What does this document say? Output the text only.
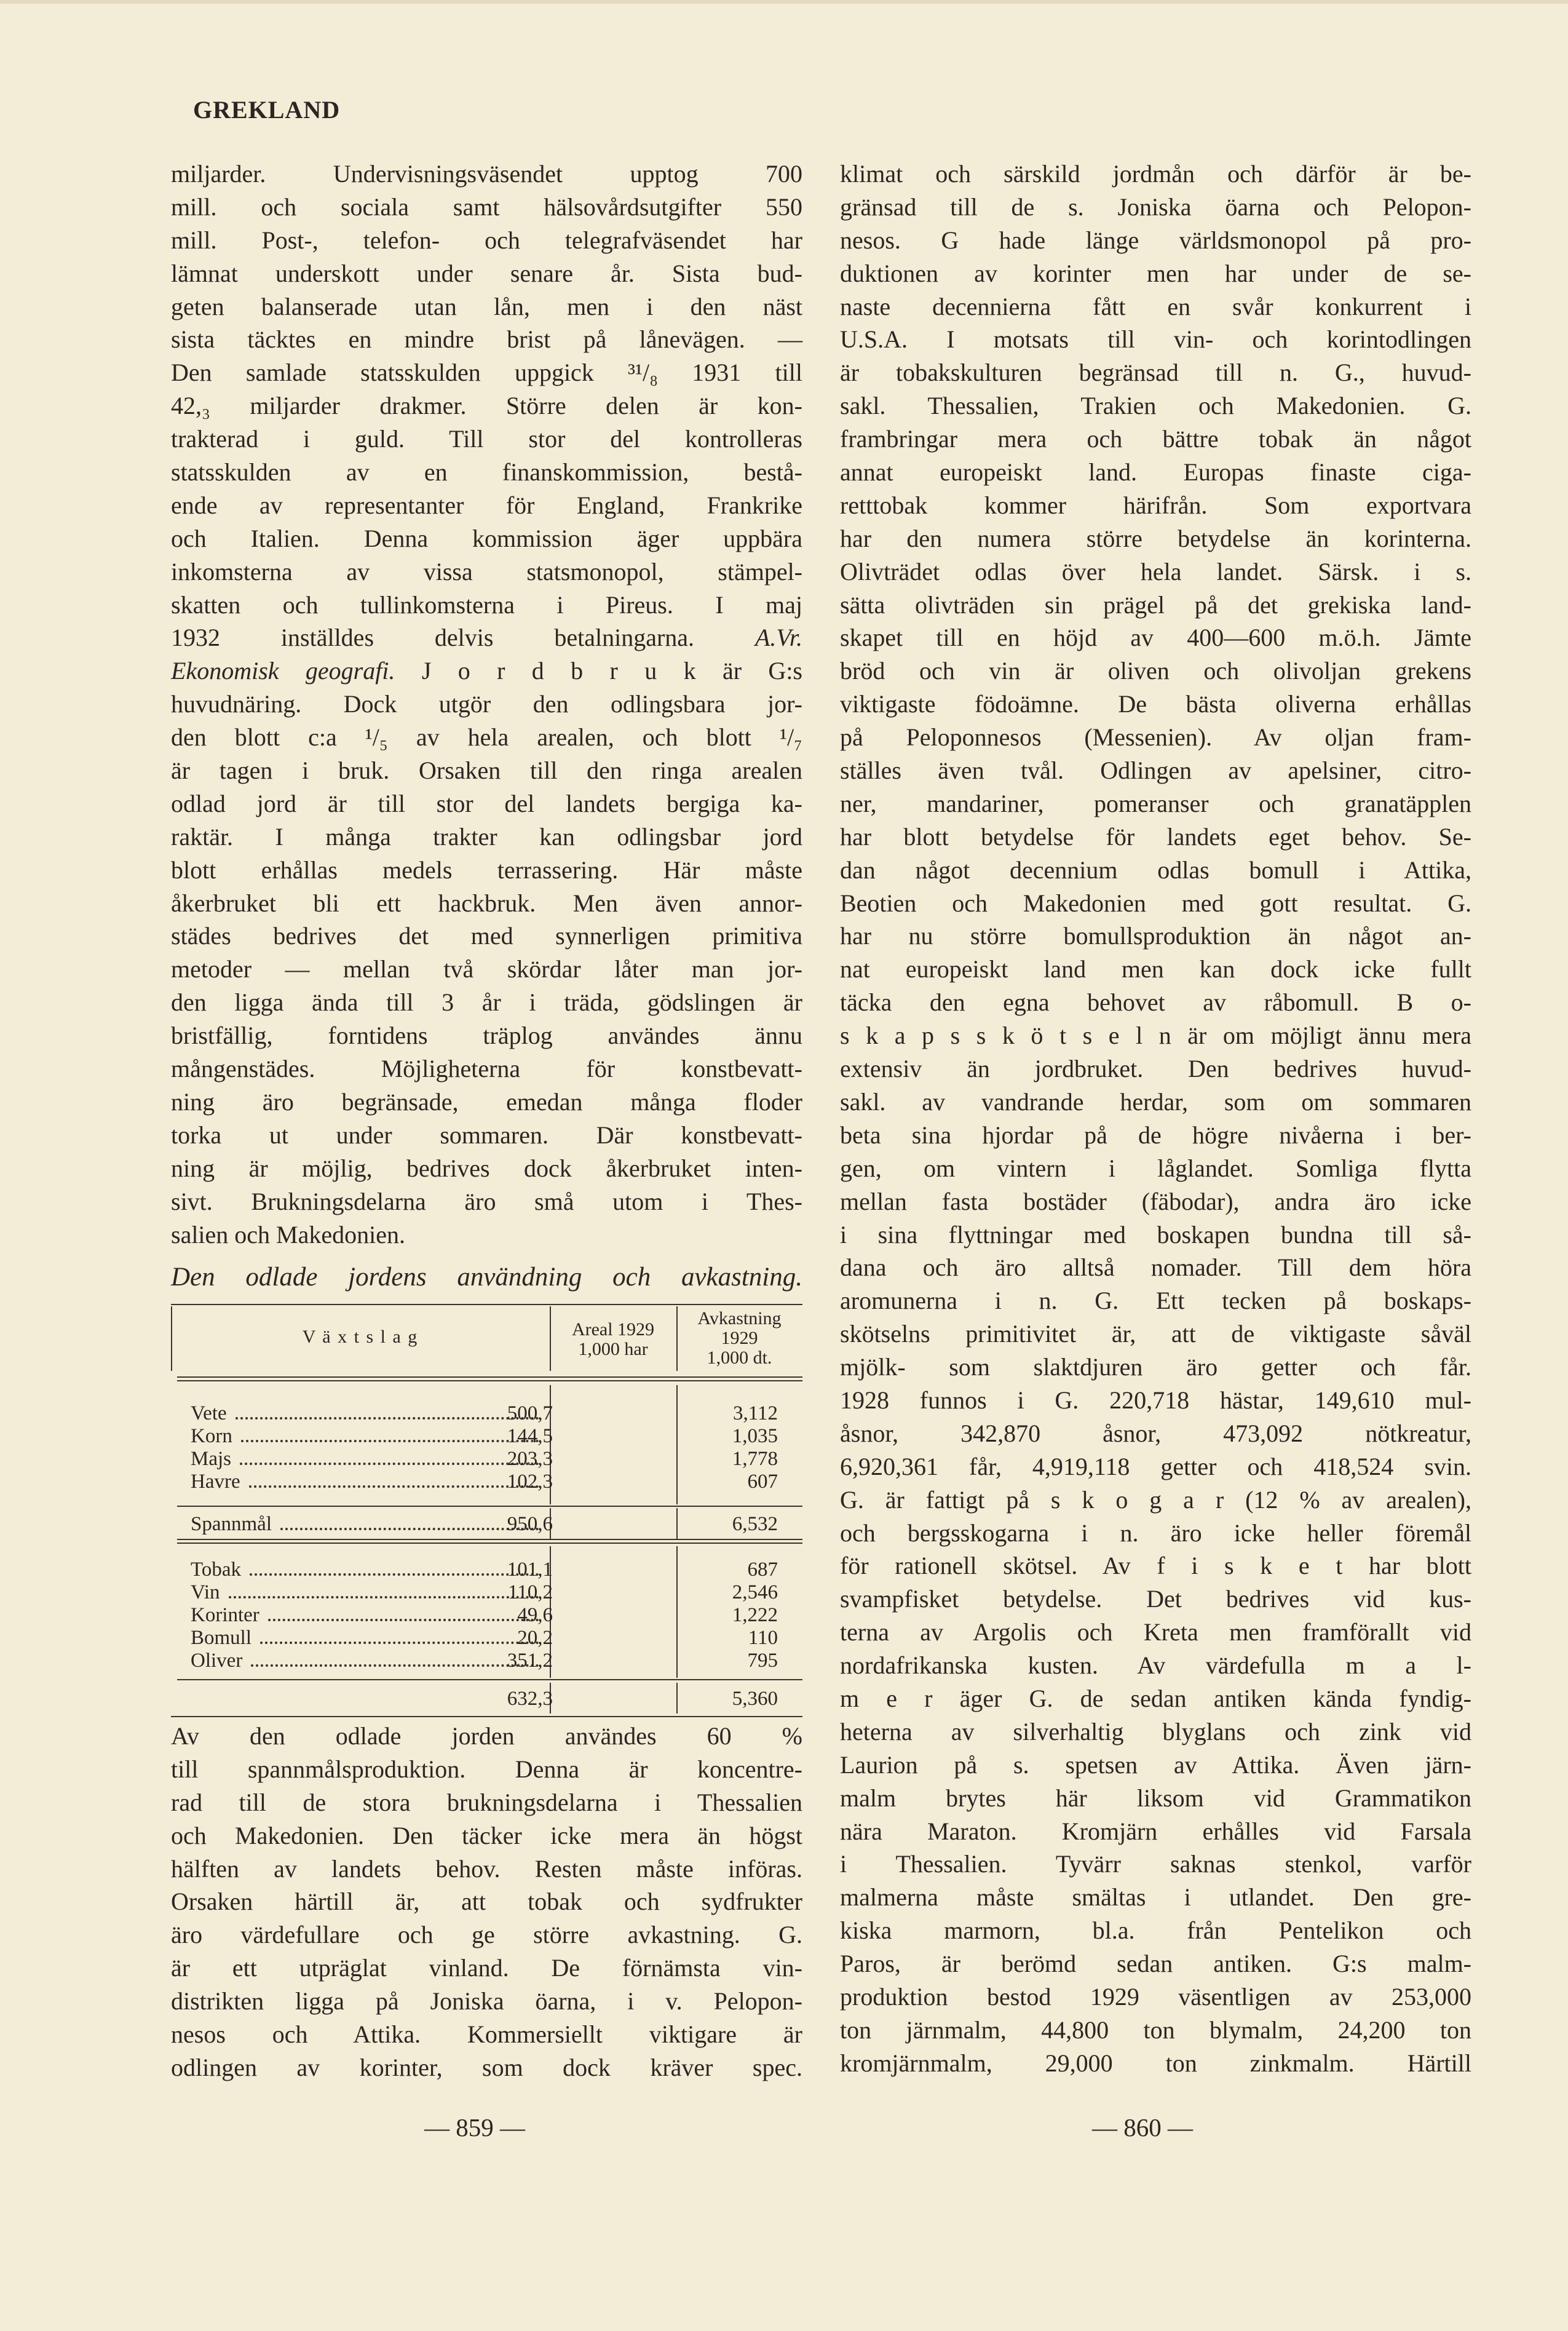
GREKLAND
miljarder. Undervisningsväsendet upptog 700
mill. och sociala samt hälsovårdsutgifter 550
mill. Post-, telefon- och telegrafväsendet har
lämnat underskott under senare år. Sista bud-
geten balanserade utan lån, men i den näst
sista täcktes en mindre brist på lånevägen. —
Den samlade statsskulden uppgick ³¹/₈ 1931 till
42,₃ miljarder drakmer. Större delen är kon-
trakterad i guld. Till stor del kontrolleras
statsskulden av en finanskommission, bestå-
ende av representanter för England, Frankrike
och Italien. Denna kommission äger uppbära
inkomsterna av vissa statsmonopol, stämpel-
skatten och tullinkomsterna i Pireus. I maj
1932 inställdes delvis betalningarna. A.Vr.
Ekonomisk geografi. J o r d b r u k är G:s
huvudnäring. Dock utgör den odlingsbara jor-
den blott c:a ¹/₅ av hela arealen, och blott ¹/₇
är tagen i bruk. Orsaken till den ringa arealen
odlad jord är till stor del landets bergiga ka-
raktär. I många trakter kan odlingsbar jord
blott erhållas medels terrassering. Här måste
åkerbruket bli ett hackbruk. Men även annor-
städes bedrives det med synnerligen primitiva
metoder — mellan två skördar låter man jor-
den ligga ända till 3 år i träda, gödslingen är
bristfällig, forntidens träplog användes ännu
mångenstädes. Möjligheterna för konstbevatt-
ning äro begränsade, emedan många floder
torka ut under sommaren. Där konstbevatt-
ning är möjlig, bedrives dock åkerbruket inten-
sivt. Brukningsdelarna äro små utom i Thes-
salien och Makedonien.
Den odlade jordens användning och avkastning.
V ä x t s l a g	Areal 1929
1,000 har
Avkastning
1929
1,000 dt.
Vete	500,7	3,112
Korn	144,5	1,035
Majs	203,3	1,778
Havre	102,3	607
Spannmål	950,6	6,532
Tobak	101,1	687
Vin	110,2	2,546
Korinter	49,6	1,222
Bomull	20,2	110
Oliver	351,2	795
632,3	5,360
Av den odlade jorden användes 60 %
till spannmålsproduktion. Denna är koncentre-
rad till de stora brukningsdelarna i Thessalien
och Makedonien. Den täcker icke mera än högst
hälften av landets behov. Resten måste införas.
Orsaken härtill är, att tobak och sydfrukter
äro värdefullare och ge större avkastning. G.
är ett utpräglat vinland. De förnämsta vin-
distrikten ligga på Joniska öarna, i v. Pelopon-
nesos och Attika. Kommersiellt viktigare är
odlingen av korinter, som dock kräver spec.
klimat och särskild jordmån och därför är be-
gränsad till de s. Joniska öarna och Pelopon-
nesos. G hade länge världsmonopol på pro-
duktionen av korinter men har under de se-
naste decennierna fått en svår konkurrent i
U.S.A. I motsats till vin- och korintodlingen
är tobakskulturen begränsad till n. G., huvud-
sakl. Thessalien, Trakien och Makedonien. G.
frambringar mera och bättre tobak än något
annat europeiskt land. Europas finaste ciga-
retttobak kommer härifrån. Som exportvara
har den numera större betydelse än korinterna.
Olivträdet odlas över hela landet. Särsk. i s.
sätta olivträden sin prägel på det grekiska land-
skapet till en höjd av 400—600 m.ö.h. Jämte
bröd och vin är oliven och olivoljan grekens
viktigaste födoämne. De bästa oliverna erhållas
på Peloponnesos (Messenien). Av oljan fram-
ställes även tvål. Odlingen av apelsiner, citro-
ner, mandariner, pomeranser och granatäpplen
har blott betydelse för landets eget behov. Se-
dan något decennium odlas bomull i Attika,
Beotien och Makedonien med gott resultat. G.
har nu större bomullsproduktion än något an-
nat europeiskt land men kan dock icke fullt
täcka den egna behovet av råbomull. B o-
s k a p s s k ö t s e l n är om möjligt ännu mera
extensiv än jordbruket. Den bedrives huvud-
sakl. av vandrande herdar, som om sommaren
beta sina hjordar på de högre nivåerna i ber-
gen, om vintern i låglandet. Somliga flytta
mellan fasta bostäder (fäbodar), andra äro icke
i sina flyttningar med boskapen bundna till så-
dana och äro alltså nomader. Till dem höra
aromunerna i n. G. Ett tecken på boskaps-
skötselns primitivitet är, att de viktigaste såväl
mjölk- som slaktdjuren äro getter och får.
1928 funnos i G. 220,718 hästar, 149,610 mul-
åsnor, 342,870 åsnor, 473,092 nötkreatur,
6,920,361 får, 4,919,118 getter och 418,524 svin.
G. är fattigt på s k o g a r (12 % av arealen),
och bergsskogarna i n. äro icke heller föremål
för rationell skötsel. Av f i s k e t har blott
svampfisket betydelse. Det bedrives vid kus-
terna av Argolis och Kreta men framförallt vid
nordafrikanska kusten. Av värdefulla m a l-
m e r äger G. de sedan antiken kända fyndig-
heterna av silverhaltig blyglans och zink vid
Laurion på s. spetsen av Attika. Även järn-
malm brytes här liksom vid Grammatikon
nära Maraton. Kromjärn erhålles vid Farsala
i Thessalien. Tyvärr saknas stenkol, varför
malmerna måste smältas i utlandet. Den gre-
kiska marmorn, bl.a. från Pentelikon och
Paros, är berömd sedan antiken. G:s malm-
produktion bestod 1929 väsentligen av 253,000
ton järnmalm, 44,800 ton blymalm, 24,200 ton
kromjärnmalm, 29,000 ton zinkmalm. Härtill
— 859 —	— 860 —
